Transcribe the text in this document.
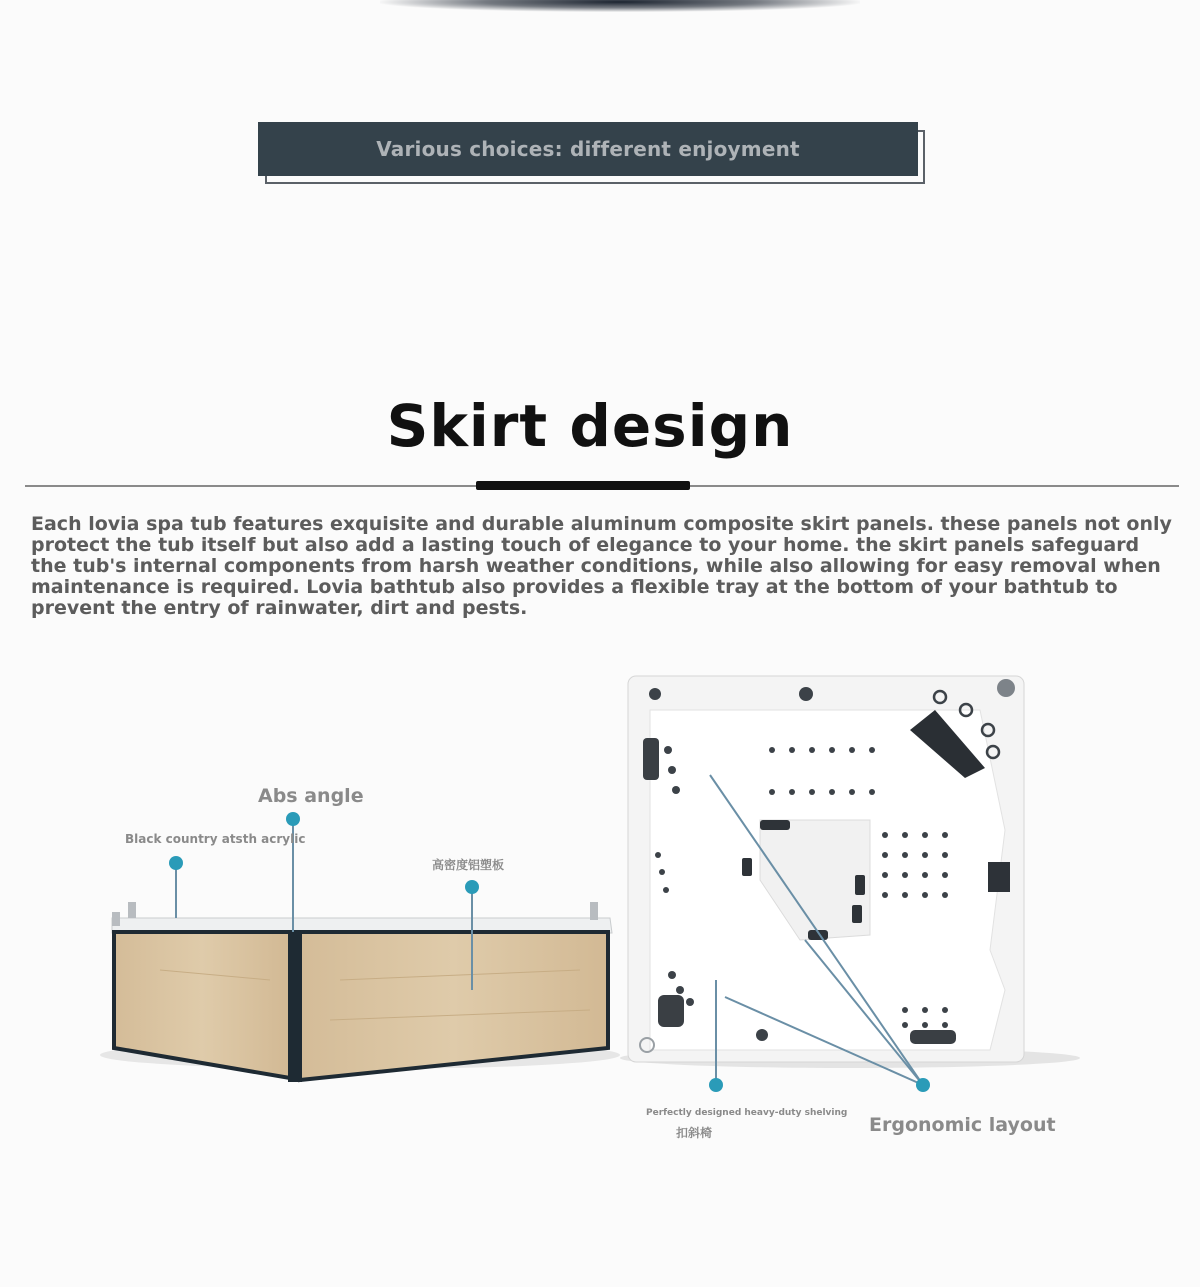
Various choices: different enjoyment
Skirt design
Each lovia spa tub features exquisite and durable aluminum composite skirt panels. these panels not only protect the tub itself but also add a lasting touch of elegance to your home. the skirt panels safeguard the tub's internal components from harsh weather conditions, while also allowing for easy removal when maintenance is required. Lovia bathtub also provides a flexible tray at the bottom of your bathtub to prevent the entry of rainwater, dirt and pests.
Abs angle
Black country atsth acrylic
高密度铝塑板
Perfectly designed heavy-duty shelving
扣斜椅	Ergonomic layout
